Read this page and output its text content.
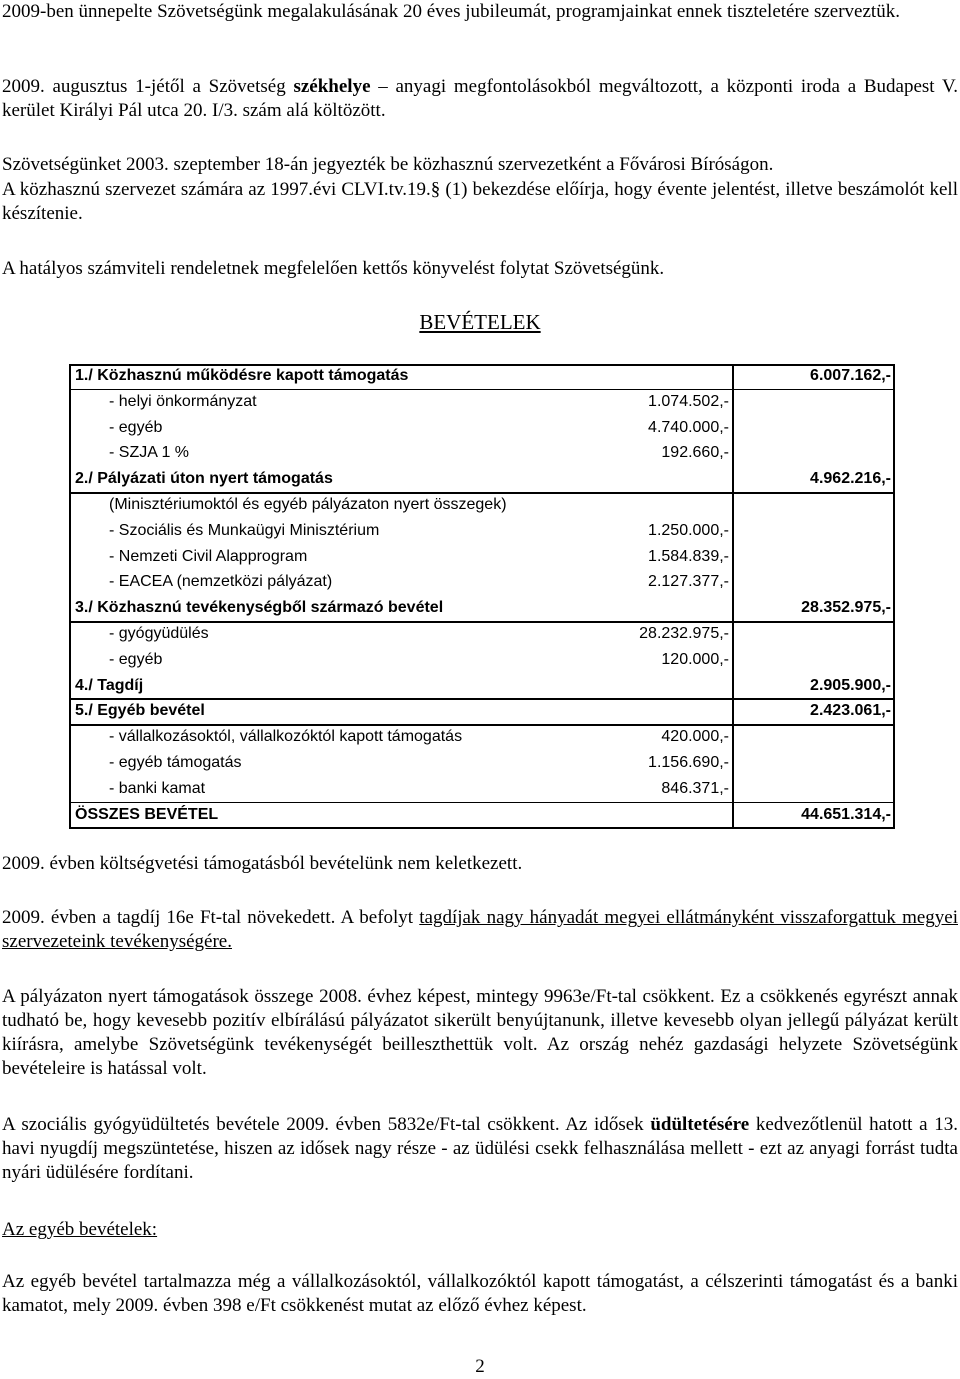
2009-ben ünnepelte Szövetségünk megalakulásának 20 éves jubileumát, programjainkat ennek tiszteletére szerveztük.

2009. augusztus 1-jétől a Szövetség székhelye – anyagi megfontolásokból megváltozott, a központi iroda a Budapest V. kerület Királyi Pál utca 20. I/3. szám alá költözött.

Szövetségünket 2003. szeptember 18-án jegyezték be közhasznú szervezetként a Fővárosi Bíróságon.

A közhasznú szervezet számára az 1997.évi CLVI.tv.19.§ (1) bekezdése előírja, hogy évente jelentést, illetve beszámolót kell készítenie.

A hatályos számviteli rendeletnek megfelelően kettős könyvelést folytat Szövetségünk.

BEVÉTELEK
1./ Közhasznú működésre kapott támogatás	6.007.162,-
- helyi önkormányzat	1.074.502,-
- egyéb	4.740.000,-
- SZJA 1 %	192.660,-
2./ Pályázati úton nyert támogatás	4.962.216,-
(Minisztériumoktól és egyéb pályázaton nyert összegek)
- Szociális és Munkaügyi Minisztérium	1.250.000,-
- Nemzeti Civil Alapprogram	1.584.839,-
- EACEA (nemzetközi pályázat)	2.127.377,-
3./ Közhasznú tevékenységből származó bevétel	28.352.975,-
- gyógyüdülés	28.232.975,-
- egyéb	120.000,-
4./ Tagdíj	2.905.900,-
5./ Egyéb bevétel	2.423.061,-
- vállalkozásoktól, vállalkozóktól kapott támogatás	420.000,-
- egyéb támogatás	1.156.690,-
- banki kamat	846.371,-
ÖSSZES BEVÉTEL	44.651.314,-

2009. évben költségvetési támogatásból bevételünk nem keletkezett.

2009. évben a tagdíj 16e Ft-tal növekedett. A befolyt tagdíjak nagy hányadát megyei ellátmányként visszaforgattuk megyei szervezeteink tevékenységére.

A pályázaton nyert támogatások összege 2008. évhez képest, mintegy 9963e/Ft-tal csökkent. Ez a csökkenés egyrészt annak tudható be, hogy kevesebb pozitív elbírálású pályázatot sikerült benyújtanunk, illetve kevesebb olyan jellegű pályázat került kiírásra, amelybe Szövetségünk tevékenységét beilleszthettük volt. Az ország nehéz gazdasági helyzete Szövetségünk bevételeire is hatással volt.

A szociális gyógyüdültetés bevétele 2009. évben 5832e/Ft-tal csökkent. Az idősek üdültetésére kedvezőtlenül hatott a 13. havi nyugdíj megszüntetése, hiszen az idősek nagy része - az üdülési csekk felhasználása mellett - ezt az anyagi forrást tudta nyári üdülésére fordítani.

Az egyéb bevételek:

Az egyéb bevétel tartalmazza még a vállalkozásoktól, vállalkozóktól kapott támogatást, a célszerinti támogatást és a banki kamatot, mely 2009. évben 398 e/Ft csökkenést mutat az előző évhez képest.

2
